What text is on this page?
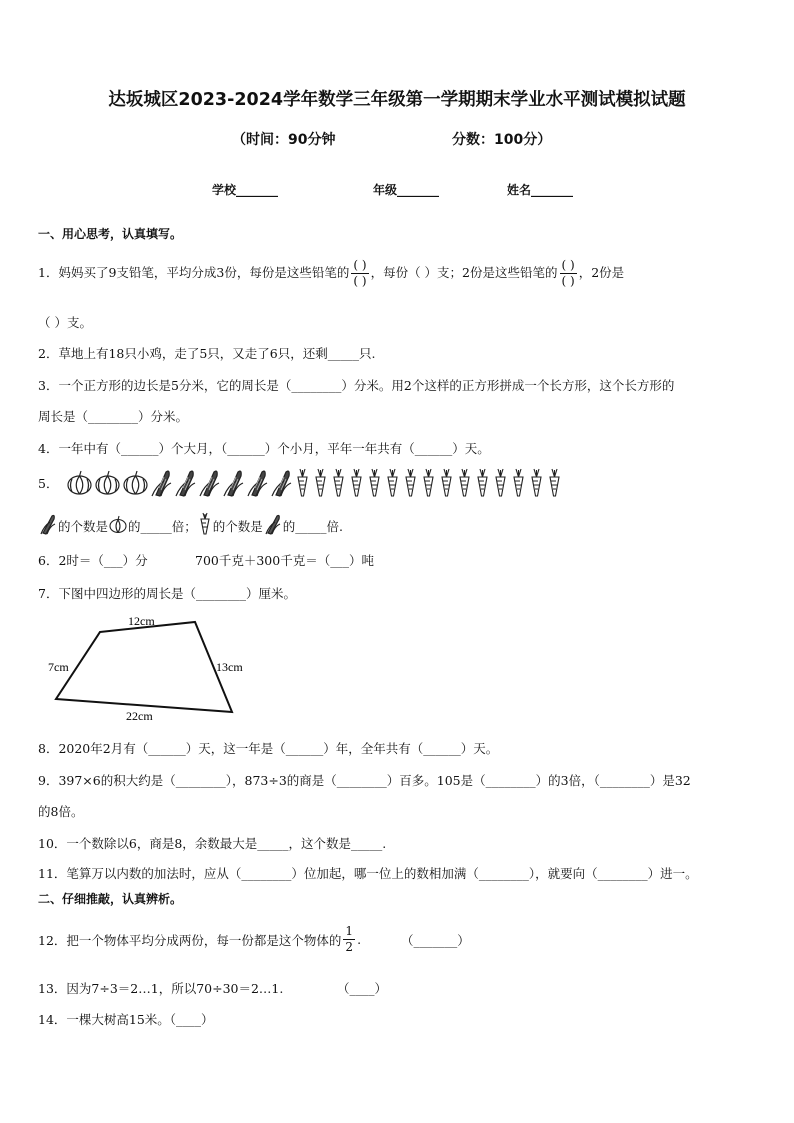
达坂城区2023-2024学年数学三年级第一学期期末学业水平测试模拟试题
（时间：90分钟	分数：100分）
学校_______	年级_______	姓名_______
一、用心思考，认真填写。
1．妈妈买了9支铅笔，平均分成3份，每份是这些铅笔的 $\frac{( )}{( )}$ ，每份（ ）支；2份是这些铅笔的 $\frac{( )}{( )}$ ，2份是
（ ）支。
2．草地上有18只小鸡，走了5只，又走了6只，还剩_____只.
3．一个正方形的边长是5分米，它的周长是（________）分米。用2个这样的正方形拼成一个长方形，这个长方形的
周长是（________）分米。
4．一年中有（______）个大月，（______）个小月，平年一年共有（______）天。
5．
的个数是 的_____倍； 的个数是 的_____倍.
6．2时＝（___）分	700千克＋300千克＝（___）吨
7．下图中四边形的周长是（________）厘米。
12cm
7cm	13cm
22cm
8．2020年2月有（______）天，这一年是（______）年，全年共有（______）天。
9．397×6的积大约是（________），873÷3的商是（________）百多。105是（________）的3倍，（________）是32
的8倍。
10．一个数除以6，商是8，余数最大是_____，这个数是_____.
11．笔算万以内数的加法时，应从（________）位加起，哪一位上的数相加满（________），就要向（________）进一。
二、仔细推敲，认真辨析。
12．把一个物体平均分成两份，每一份都是这个物体的 $\frac{1}{2}$ .	（_______）
13．因为7÷3＝2…1，所以70÷30＝2…1.	（____）
14．一棵大树高15米。（____）
